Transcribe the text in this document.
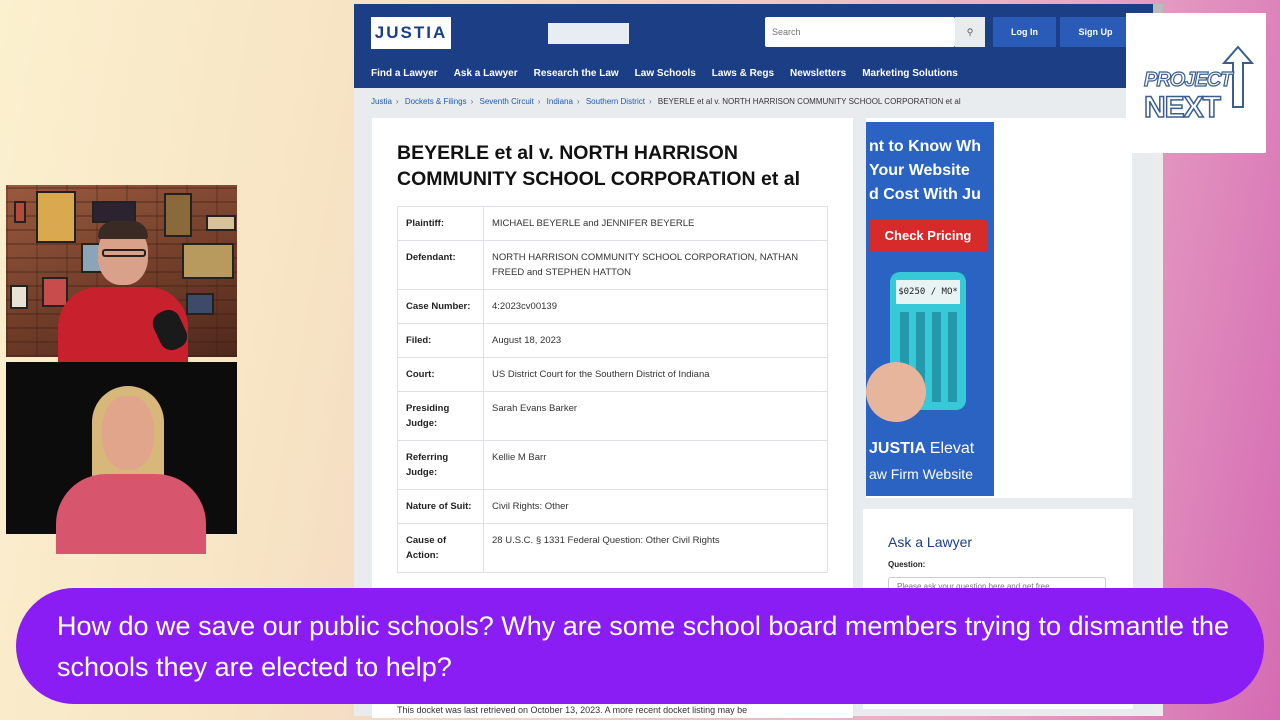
JUSTIA
Search	⚲	Log In	Sign Up
Find a Lawyer Ask a Lawyer Research the Law Law Schools Laws & Regs Newsletters Marketing Solutions
Justia › Dockets & Filings › Seventh Circuit › Indiana › Southern District › BEYERLE et al v. NORTH HARRISON COMMUNITY SCHOOL CORPORATION et al
BEYERLE et al v. NORTH HARRISON COMMUNITY SCHOOL CORPORATION et al
Plaintiff:	MICHAEL BEYERLE and JENNIFER BEYERLE
Defendant:	NORTH HARRISON COMMUNITY SCHOOL CORPORATION, NATHAN FREED and STEPHEN HATTON
Case Number:	4:2023cv00139
Filed:	August 18, 2023
Court:	US District Court for the Southern District of Indiana
Presiding Judge:	Sarah Evans Barker
Referring Judge:	Kellie M Barr
Nature of Suit:	Civil Rights: Other
Cause of Action:	28 U.S.C. § 1331 Federal Question: Other Civil Rights
This docket was last retrieved on October 13, 2023. A more recent docket listing may be
nt to Know Wh
Your Website
d Cost With Ju
Check Pricing
$0250 / MO*
JUSTIA Elevat
aw Firm Website
Ask a Lawyer
Question:
Please ask your question here and get free
PROJECT
NEXT
How do we save our public schools? Why are some school board members trying to dismantle the schools they are elected to help?
